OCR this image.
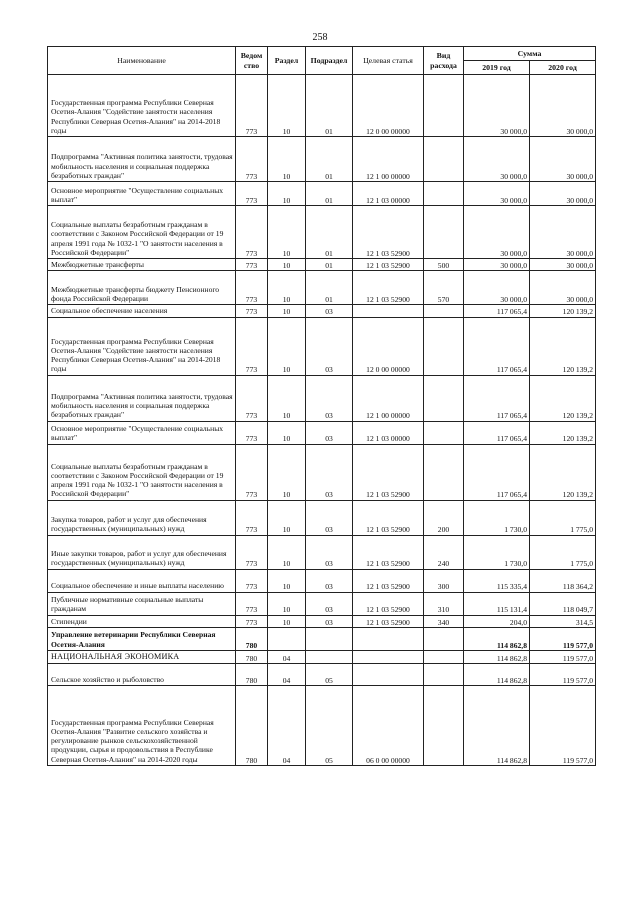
258
Наименование	Ведом ство	Раздел	Подраздел	Целевая статья	Вид расхода	Сумма	
						2019 год	2020 год
Государственная программа Республики Северная Осетия-Алания "Содействие занятости населения Республики Северная Осетия-Алания" на 2014-2018 годы	773	10	01	12 0 00 00000		30 000,0	30 000,0
Подпрограмма "Активная политика занятости, трудовая мобильность населения и социальная поддержка безработных граждан"	773	10	01	12 1 00 00000		30 000,0	30 000,0
Основное мероприятие "Осуществление социальных выплат"	773	10	01	12 1 03 00000		30 000,0	30 000,0
Социальные выплаты безработным гражданам в соответствии с Законом Российской Федерации от 19 апреля 1991 года № 1032-1 "О занятости населения в Российской Федерации"	773	10	01	12 1 03 52900		30 000,0	30 000,0
Межбюджетные трансферты	773	10	01	12 1 03 52900	500	30 000,0	30 000,0
Межбюджетные трансферты бюджету Пенсионного фонда Российской Федерации	773	10	01	12 1 03 52900	570	30 000,0	30 000,0
Социальное обеспечение населения	773	10	03			117 065,4	120 139,2
Государственная программа Республики Северная Осетия-Алания "Содействие занятости населения Республики Северная Осетия-Алания" на 2014-2018 годы	773	10	03	12 0 00 00000		117 065,4	120 139,2
Подпрограмма "Активная политика занятости, трудовая мобильность населения и социальная поддержка безработных граждан"	773	10	03	12 1 00 00000		117 065,4	120 139,2
Основное мероприятие "Осуществление социальных выплат"	773	10	03	12 1 03 00000		117 065,4	120 139,2
Социальные выплаты безработным гражданам в соответствии с Законом Российской Федерации от 19 апреля 1991 года № 1032-1 "О занятости населения в Российской Федерации"	773	10	03	12 1 03 52900		117 065,4	120 139,2
Закупка товаров, работ и услуг для обеспечения государственных (муниципальных) нужд	773	10	03	12 1 03 52900	200	1 730,0	1 775,0
Иные закупки товаров, работ и услуг для обеспечения государственных (муниципальных) нужд	773	10	03	12 1 03 52900	240	1 730,0	1 775,0
Социальное обеспечение и иные выплаты населению	773	10	03	12 1 03 52900	300	115 335,4	118 364,2
Публичные нормативные социальные выплаты гражданам	773	10	03	12 1 03 52900	310	115 131,4	118 049,7
Стипендии	773	10	03	12 1 03 52900	340	204,0	314,5
Управление ветеринарии Республики Северная Осетия-Алания	780					114 862,8	119 577,0
НАЦИОНАЛЬНАЯ ЭКОНОМИКА	780	04				114 862,8	119 577,0
Сельское хозяйство и рыболовство	780	04	05			114 862,8	119 577,0
Государственная программа Республики Северная Осетия-Алания "Развитие сельского хозяйства и регулирование рынков сельскохозяйственной продукции, сырья и продовольствия в Республике Северная Осетия-Алания" на 2014-2020 годы	780	04	05	06 0 00 00000		114 862,8	119 577,0
